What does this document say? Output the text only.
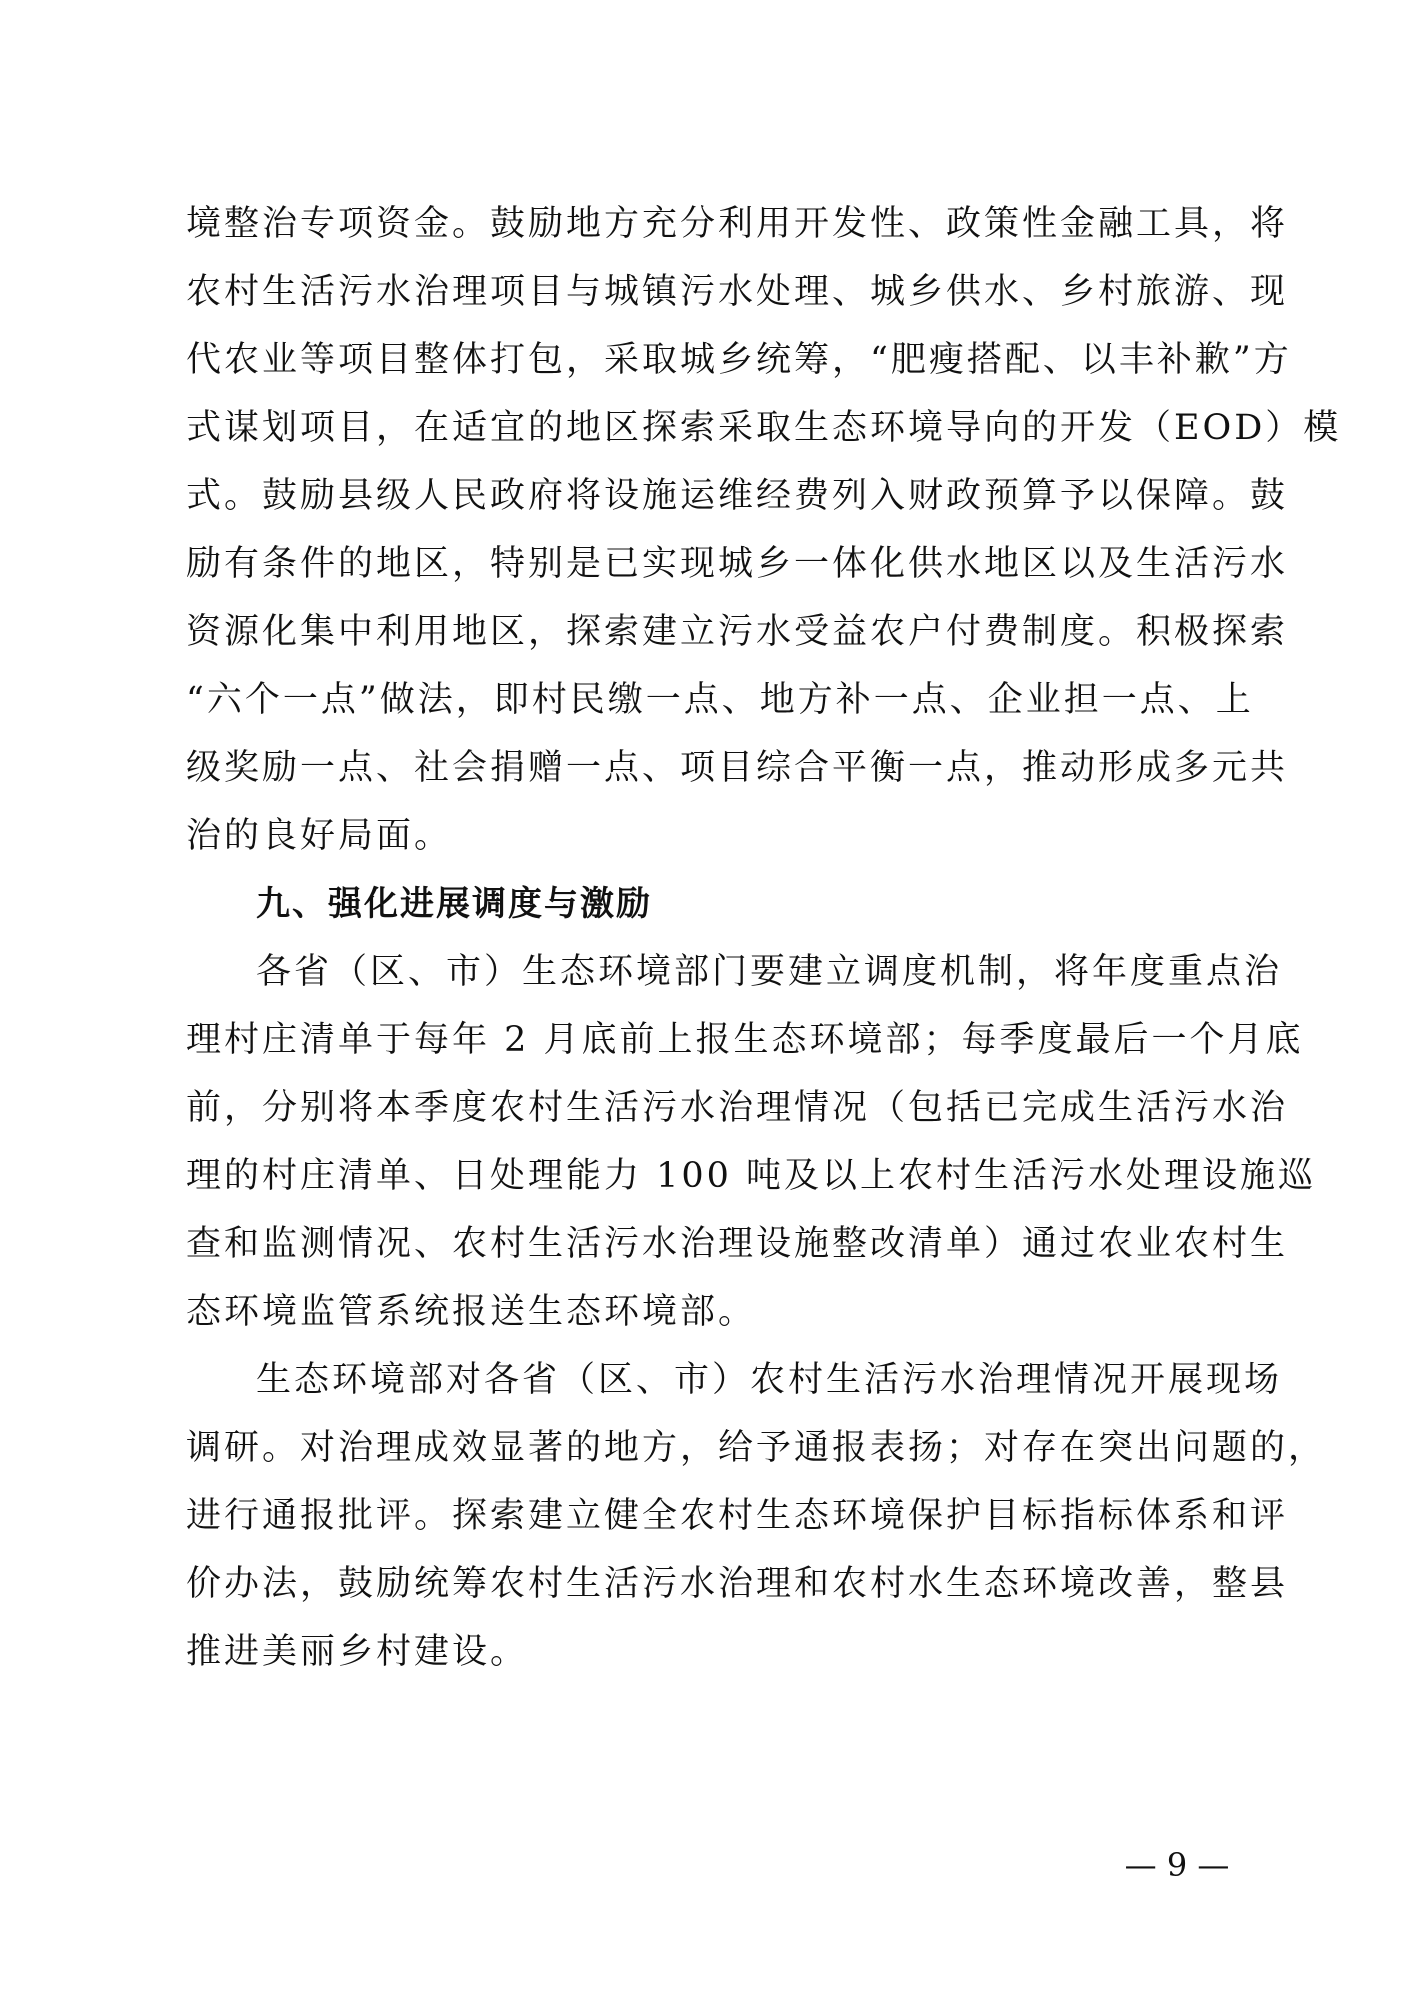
境整治专项资金。鼓励地方充分利用开发性、政策性金融工具，将
农村生活污水治理项目与城镇污水处理、城乡供水、乡村旅游、现
代农业等项目整体打包，采取城乡统筹，“肥瘦搭配、以丰补歉”方
式谋划项目，在适宜的地区探索采取生态环境导向的开发（EOD）模
式。鼓励县级人民政府将设施运维经费列入财政预算予以保障。鼓
励有条件的地区，特别是已实现城乡一体化供水地区以及生活污水
资源化集中利用地区，探索建立污水受益农户付费制度。积极探索
“六个一点”做法，即村民缴一点、地方补一点、企业担一点、上
级奖励一点、社会捐赠一点、项目综合平衡一点，推动形成多元共
治的良好局面。
九、强化进展调度与激励
各省（区、市）生态环境部门要建立调度机制，将年度重点治
理村庄清单于每年 2 月底前上报生态环境部；每季度最后一个月底
前，分别将本季度农村生活污水治理情况（包括已完成生活污水治
理的村庄清单、日处理能力 100 吨及以上农村生活污水处理设施巡
查和监测情况、农村生活污水治理设施整改清单）通过农业农村生
态环境监管系统报送生态环境部。
生态环境部对各省（区、市）农村生活污水治理情况开展现场
调研。对治理成效显著的地方，给予通报表扬；对存在突出问题的，
进行通报批评。探索建立健全农村生态环境保护目标指标体系和评
价办法，鼓励统筹农村生活污水治理和农村水生态环境改善，整县
推进美丽乡村建设。
— 9 —
